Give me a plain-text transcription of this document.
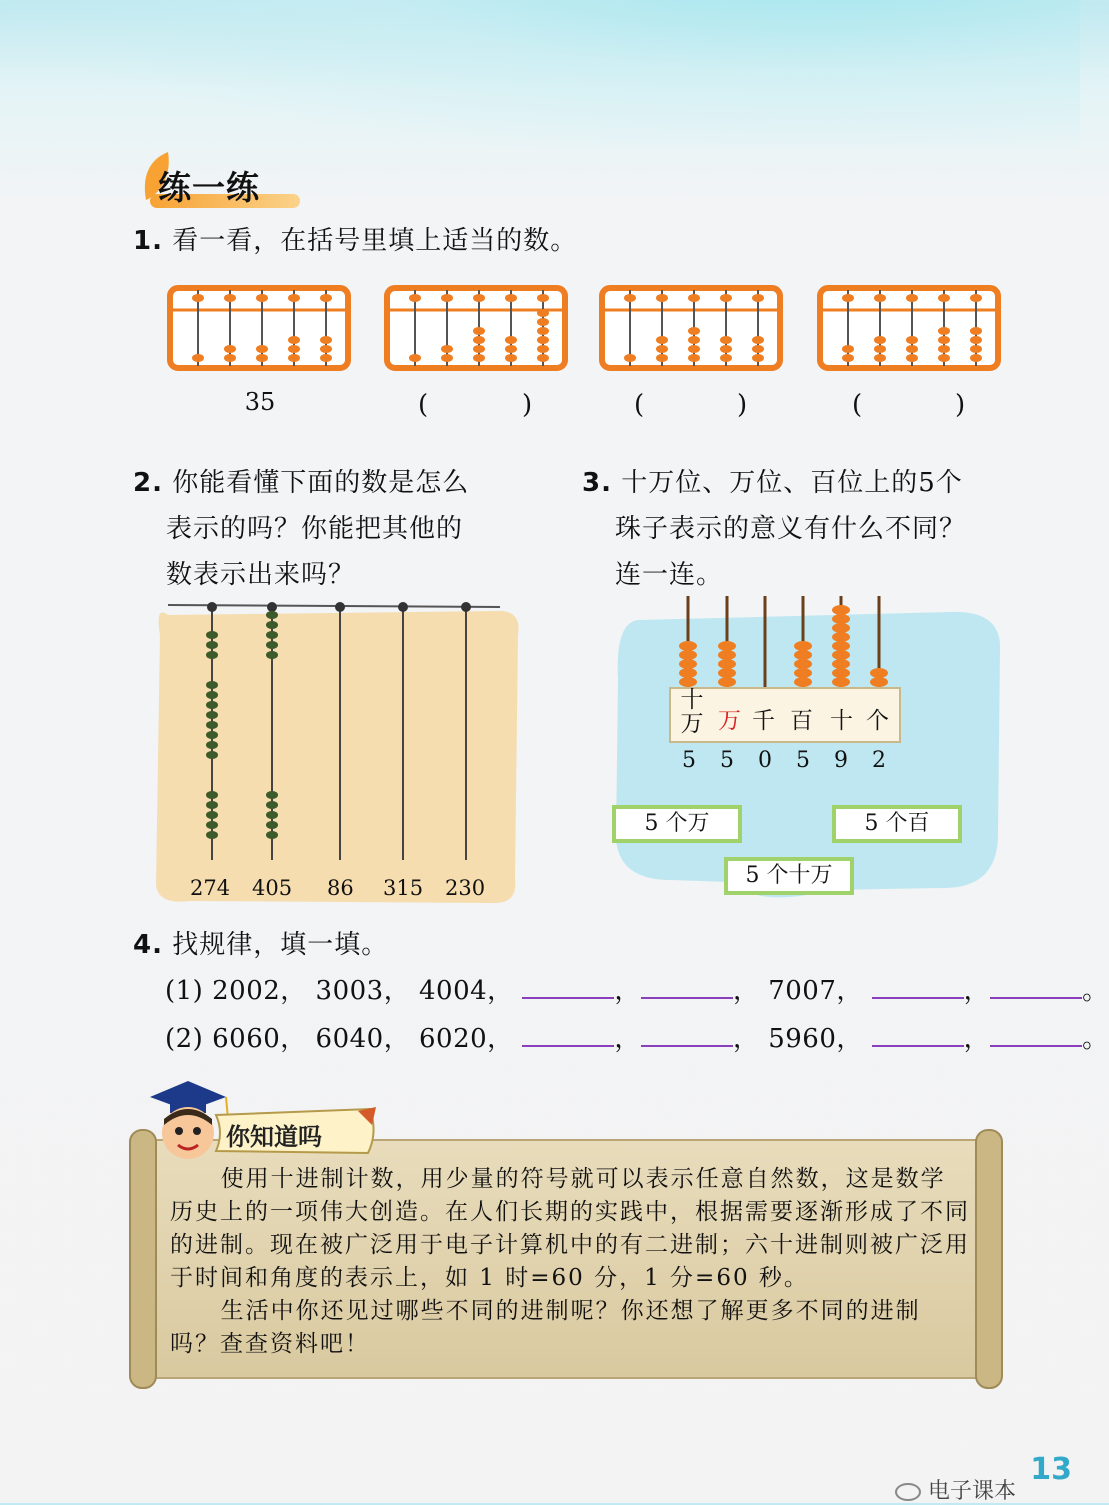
练一练
1. 看一看，在括号里填上适当的数。
35	(	)	(	)	(	)
2. 你能看懂下面的数是怎么
表示的吗？你能把其他的
数表示出来吗？
274 405 86 315 230
3. 十万位、万位、百位上的5个
珠子表示的意义有什么不同？
连一连。
十
万 万 千 百 十 个
5 5 0 5 9 2
5 个万	5 个百
5 个十万
4. 找规律，填一填。
(1) 2002， 3003， 4004，	，	， 7007，	，	。
(2) 6060， 6040， 6020，	，	， 5960，	，	。
你知道吗

使用十进制计数，用少量的符号就可以表示任意自然数，这是数学历史上的一项伟大创造。在人们长期的实践中，根据需要逐渐形成了不同的进制。现在被广泛用于电子计算机中的有二进制；六十进制则被广泛用于时间和角度的表示上，如 1 时=60 分，1 分=60 秒。

生活中你还见过哪些不同的进制呢？你还想了解更多不同的进制吗？查查资料吧！

13
电子课本
